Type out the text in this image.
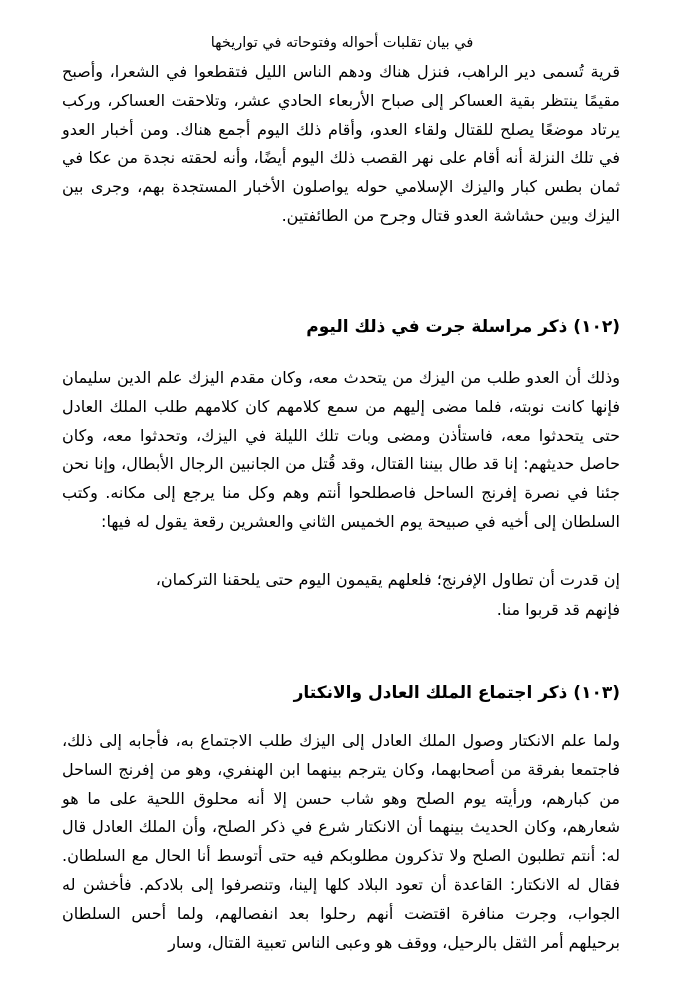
في بيان تقلبات أحواله وفتوحاته في تواريخها

قرية تُسمى دير الراهب، فنزل هناك ودهم الناس الليل فتقطعوا في الشعرا، وأصبح مقيمًا ينتظر بقية العساكر إلى صباح الأربعاء الحادي عشر، وتلاحقت العساكر، وركب يرتاد موضعًا يصلح للقتال ولقاء العدو، وأقام ذلك اليوم أجمع هناك. ومن أخبار العدو في تلك النزلة أنه أقام على نهر القصب ذلك اليوم أيضًا، وأنه لحقته نجدة من عكا في ثمان بطس كبار واليزك الإسلامي حوله يواصلون الأخبار المستجدة بهم، وجرى بين اليزك وبين حشاشة العدو قتال وجرح من الطائفتين.

(١٠٢) ذكر مراسلة جرت في ذلك اليوم

وذلك أن العدو طلب من اليزك من يتحدث معه، وكان مقدم اليزك علم الدين سليمان فإنها كانت نوبته، فلما مضى إليهم من سمع كلامهم كان كلامهم طلب الملك العادل حتى يتحدثوا معه، فاستأذن ومضى وبات تلك الليلة في اليزك، وتحدثوا معه، وكان حاصل حديثهم: إنا قد طال بيننا القتال، وقد قُتل من الجانبين الرجال الأبطال، وإنا نحن جئنا في نصرة إفرنج الساحل فاصطلحوا أنتم وهم وكل منا يرجع إلى مكانه. وكتب السلطان إلى أخيه في صبيحة يوم الخميس الثاني والعشرين رقعة يقول له فيها:

إن قدرت أن تطاول الإفرنج؛ فلعلهم يقيمون اليوم حتى يلحقنا التركمان،
فإنهم قد قربوا منا.
(١٠٣) ذكر اجتماع الملك العادل والانكتار

ولما علم الانكتار وصول الملك العادل إلى اليزك طلب الاجتماع به، فأجابه إلى ذلك، فاجتمعا بفرقة من أصحابهما، وكان يترجم بينهما ابن الهنفري، وهو من إفرنج الساحل من كبارهم، ورأيته يوم الصلح وهو شاب حسن إلا أنه محلوق اللحية على ما هو شعارهم، وكان الحديث بينهما أن الانكتار شرع في ذكر الصلح، وأن الملك العادل قال له: أنتم تطلبون الصلح ولا تذكرون مطلوبكم فيه حتى أتوسط أنا الحال مع السلطان. فقال له الانكتار: القاعدة أن تعود البلاد كلها إلينا، وتنصرفوا إلى بلادكم. فأخشن له الجواب، وجرت منافرة اقتضت أنهم رحلوا بعد انفصالهم، ولما أحس السلطان برحيلهم أمر الثقل بالرحيل، ووقف هو وعبى الناس تعبية القتال، وسار
